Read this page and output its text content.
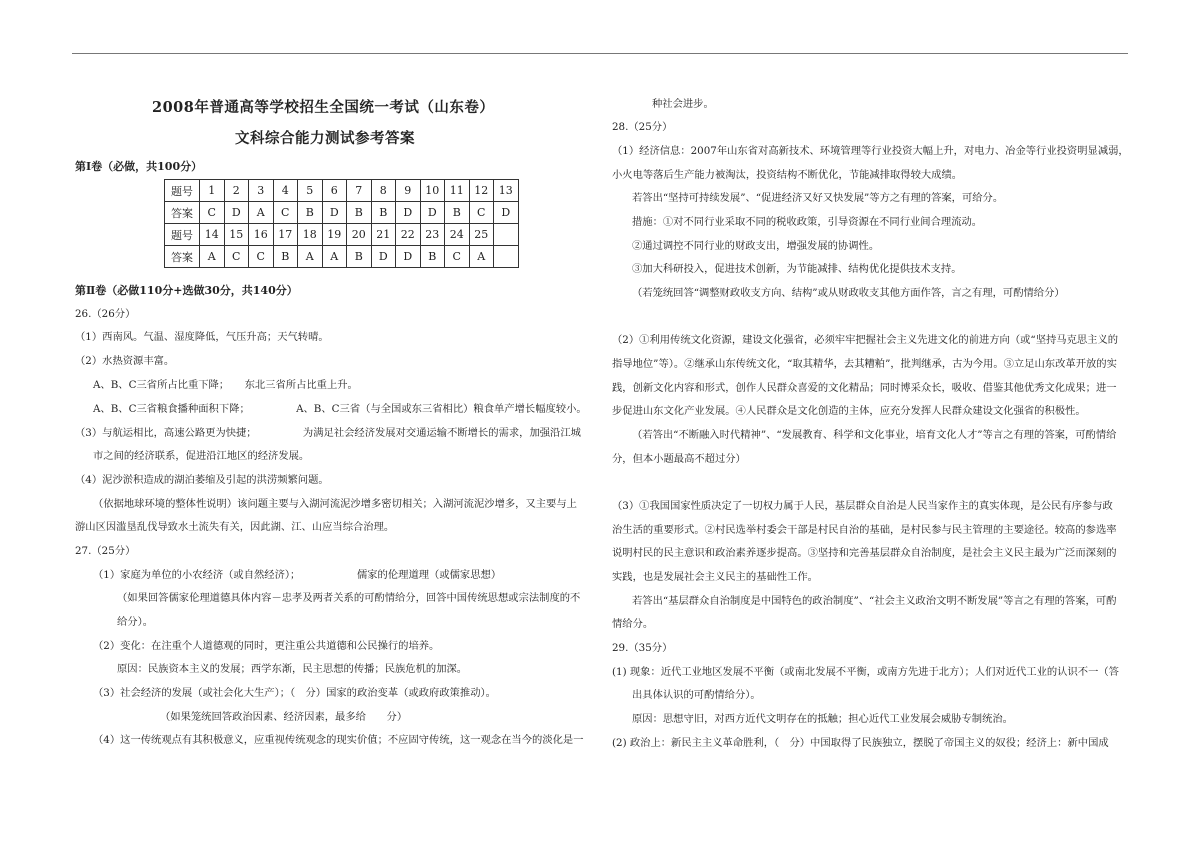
2008年普通高等学校招生全国统一考试（山东卷）
文科综合能力测试参考答案
第Ⅰ卷（必做，共100分）
题号	1	2	3	4	5	6	7	8	9	10	11	12	13
答案	C	D	A	C	B	D	B	B	D	D	B	C	D
题号	14	15	16	17	18	19	20	21	22	23	24	25	
答案	A	C	C	B	A	A	B	D	D	B	C	A	
第Ⅱ卷（必做110分+选做30分，共140分）
26.（26分）
（1）西南风。气温、湿度降低，气压升高；天气转晴。
（2）水热资源丰富。
A、B、C三省所占比重下降；　　东北三省所占比重上升。
A、B、C三省粮食播种面积下降；　　　　　A、B、C三省（与全国或东三省相比）粮食单产增长幅度较小。
（3）与航运相比，高速公路更为快捷；　　　　　为满足社会经济发展对交通运输不断增长的需求，加强沿江城
市之间的经济联系，促进沿江地区的经济发展。
（4）泥沙淤积造成的湖泊萎缩及引起的洪涝频繁问题。
（依据地球环境的整体性说明）该问题主要与入湖河流泥沙增多密切相关；入湖河流泥沙增多，又主要与上
游山区因滥垦乱伐导致水土流失有关，因此湖、江、山应当综合治理。
27.（25分）
（1）家庭为单位的小农经济（或自然经济）；　　　　　　儒家的伦理道理（或儒家思想）
（如果回答儒家伦理道德具体内容－忠孝及两者关系的可酌情给分，回答中国传统思想或宗法制度的不
给分）。
（2）变化：在注重个人道德观的同时，更注重公共道德和公民操行的培养。
原因：民族资本主义的发展；西学东渐，民主思想的传播；民族危机的加深。
（3）社会经济的发展（或社会化大生产）；（　分）国家的政治变革（或政府政策推动）。
（如果笼统回答政治因素、经济因素，最多给　　分）
（4）这一传统观点有其积极意义，应重视传统观念的现实价值；不应固守传统，这一观念在当今的淡化是一
种社会进步。
28.（25分）
（1）经济信息：2007年山东省对高新技术、环境管理等行业投资大幅上升，对电力、冶金等行业投资明显减弱，
小火电等落后生产能力被淘汰，投资结构不断优化，节能减排取得较大成绩。
若答出“坚持可持续发展”、“促进经济又好又快发展”等方之有理的答案，可给分。
措施：①对不同行业采取不同的税收政策，引导资源在不同行业间合理流动。
②通过调控不同行业的财政支出，增强发展的协调性。
③加大科研投入，促进技术创新，为节能减排、结构优化提供技术支持。
（若笼统回答“调整财政收支方向、结构”或从财政收支其他方面作答，言之有理，可酌情给分）
（2）①利用传统文化资源，建设文化强省，必须牢牢把握社会主义先进文化的前进方向（或“坚持马克思主义的
指导地位”等）。②继承山东传统文化，“取其精华，去其糟粕”，批判继承，古为今用。③立足山东改革开放的实
践，创新文化内容和形式，创作人民群众喜爱的文化精品；同时博采众长，吸收、借鉴其他优秀文化成果；进一
步促进山东文化产业发展。④人民群众是文化创造的主体，应充分发挥人民群众建设文化强省的积极性。
（若答出“不断融入时代精神”、“发展教育、科学和文化事业，培育文化人才”等言之有理的答案，可酌情给
分，但本小题最高不超过分）
（3）①我国国家性质决定了一切权力属于人民，基层群众自治是人民当家作主的真实体现，是公民有序参与政
治生活的重要形式。②村民选举村委会干部是村民自治的基础，是村民参与民主管理的主要途径。较高的参选率
说明村民的民主意识和政治素养逐步提高。③坚持和完善基层群众自治制度，是社会主义民主最为广泛而深刻的
实践，也是发展社会主义民主的基础性工作。
若答出“基层群众自治制度是中国特色的政治制度”、“社会主义政治文明不断发展”等言之有理的答案，可酌
情给分。
29.（35分）
(1) 现象：近代工业地区发展不平衡（或南北发展不平衡，或南方先进于北方）；人们对近代工业的认识不一（答
出具体认识的可酌情给分）。
原因：思想守旧，对西方近代文明存在的抵触；担心近代工业发展会威胁专制统治。
(2) 政治上：新民主主义革命胜利，（　分）中国取得了民族独立，摆脱了帝国主义的奴役；经济上：新中国成
